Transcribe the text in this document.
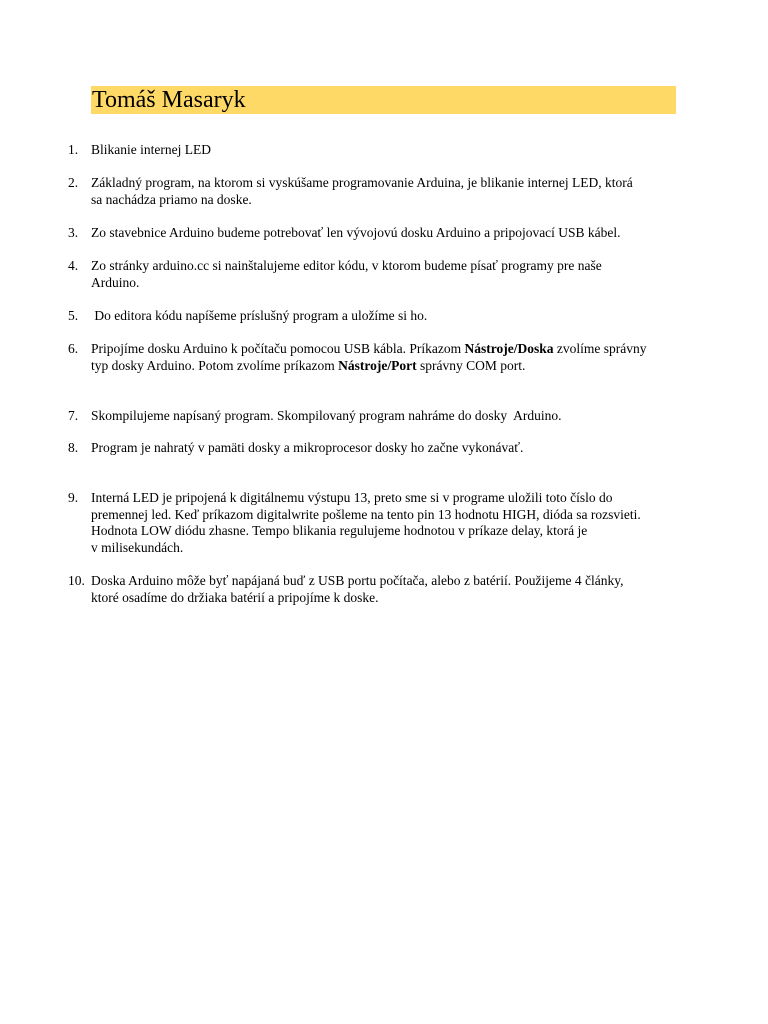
Tomáš Masaryk
1. Blikanie internej LED
2. Základný program, na ktorom si vyskúšame programovanie Arduina, je blikanie internej LED, ktorá
sa nachádza priamo na doske.
3. Zo stavebnice Arduino budeme potrebovať len vývojovú dosku Arduino a pripojovací USB kábel.
4. Zo stránky arduino.cc si nainštalujeme editor kódu, v ktorom budeme písať programy pre naše
Arduino.
5. Do editora kódu napíšeme príslušný program a uložíme si ho.
6. Pripojíme dosku Arduino k počítaču pomocou USB kábla. Príkazom Nástroje/Doska zvolíme správny
typ dosky Arduino. Potom zvolíme príkazom Nástroje/Port správny COM port.
7. Skompilujeme napísaný program. Skompilovaný program nahráme do dosky  Arduino.
8. Program je nahratý v pamäti dosky a mikroprocesor dosky ho začne vykonávať.
9. Interná LED je pripojená k digitálnemu výstupu 13, preto sme si v programe uložili toto číslo do
premennej led. Keď príkazom digitalwrite pošleme na tento pin 13 hodnotu HIGH, dióda sa rozsvieti.
Hodnota LOW diódu zhasne. Tempo blikania regulujeme hodnotou v príkaze delay, ktorá je
v milisekundách.
10. Doska Arduino môže byť napájaná buď z USB portu počítača, alebo z batérií. Použijeme 4 články,
ktoré osadíme do držiaka batérií a pripojíme k doske.
